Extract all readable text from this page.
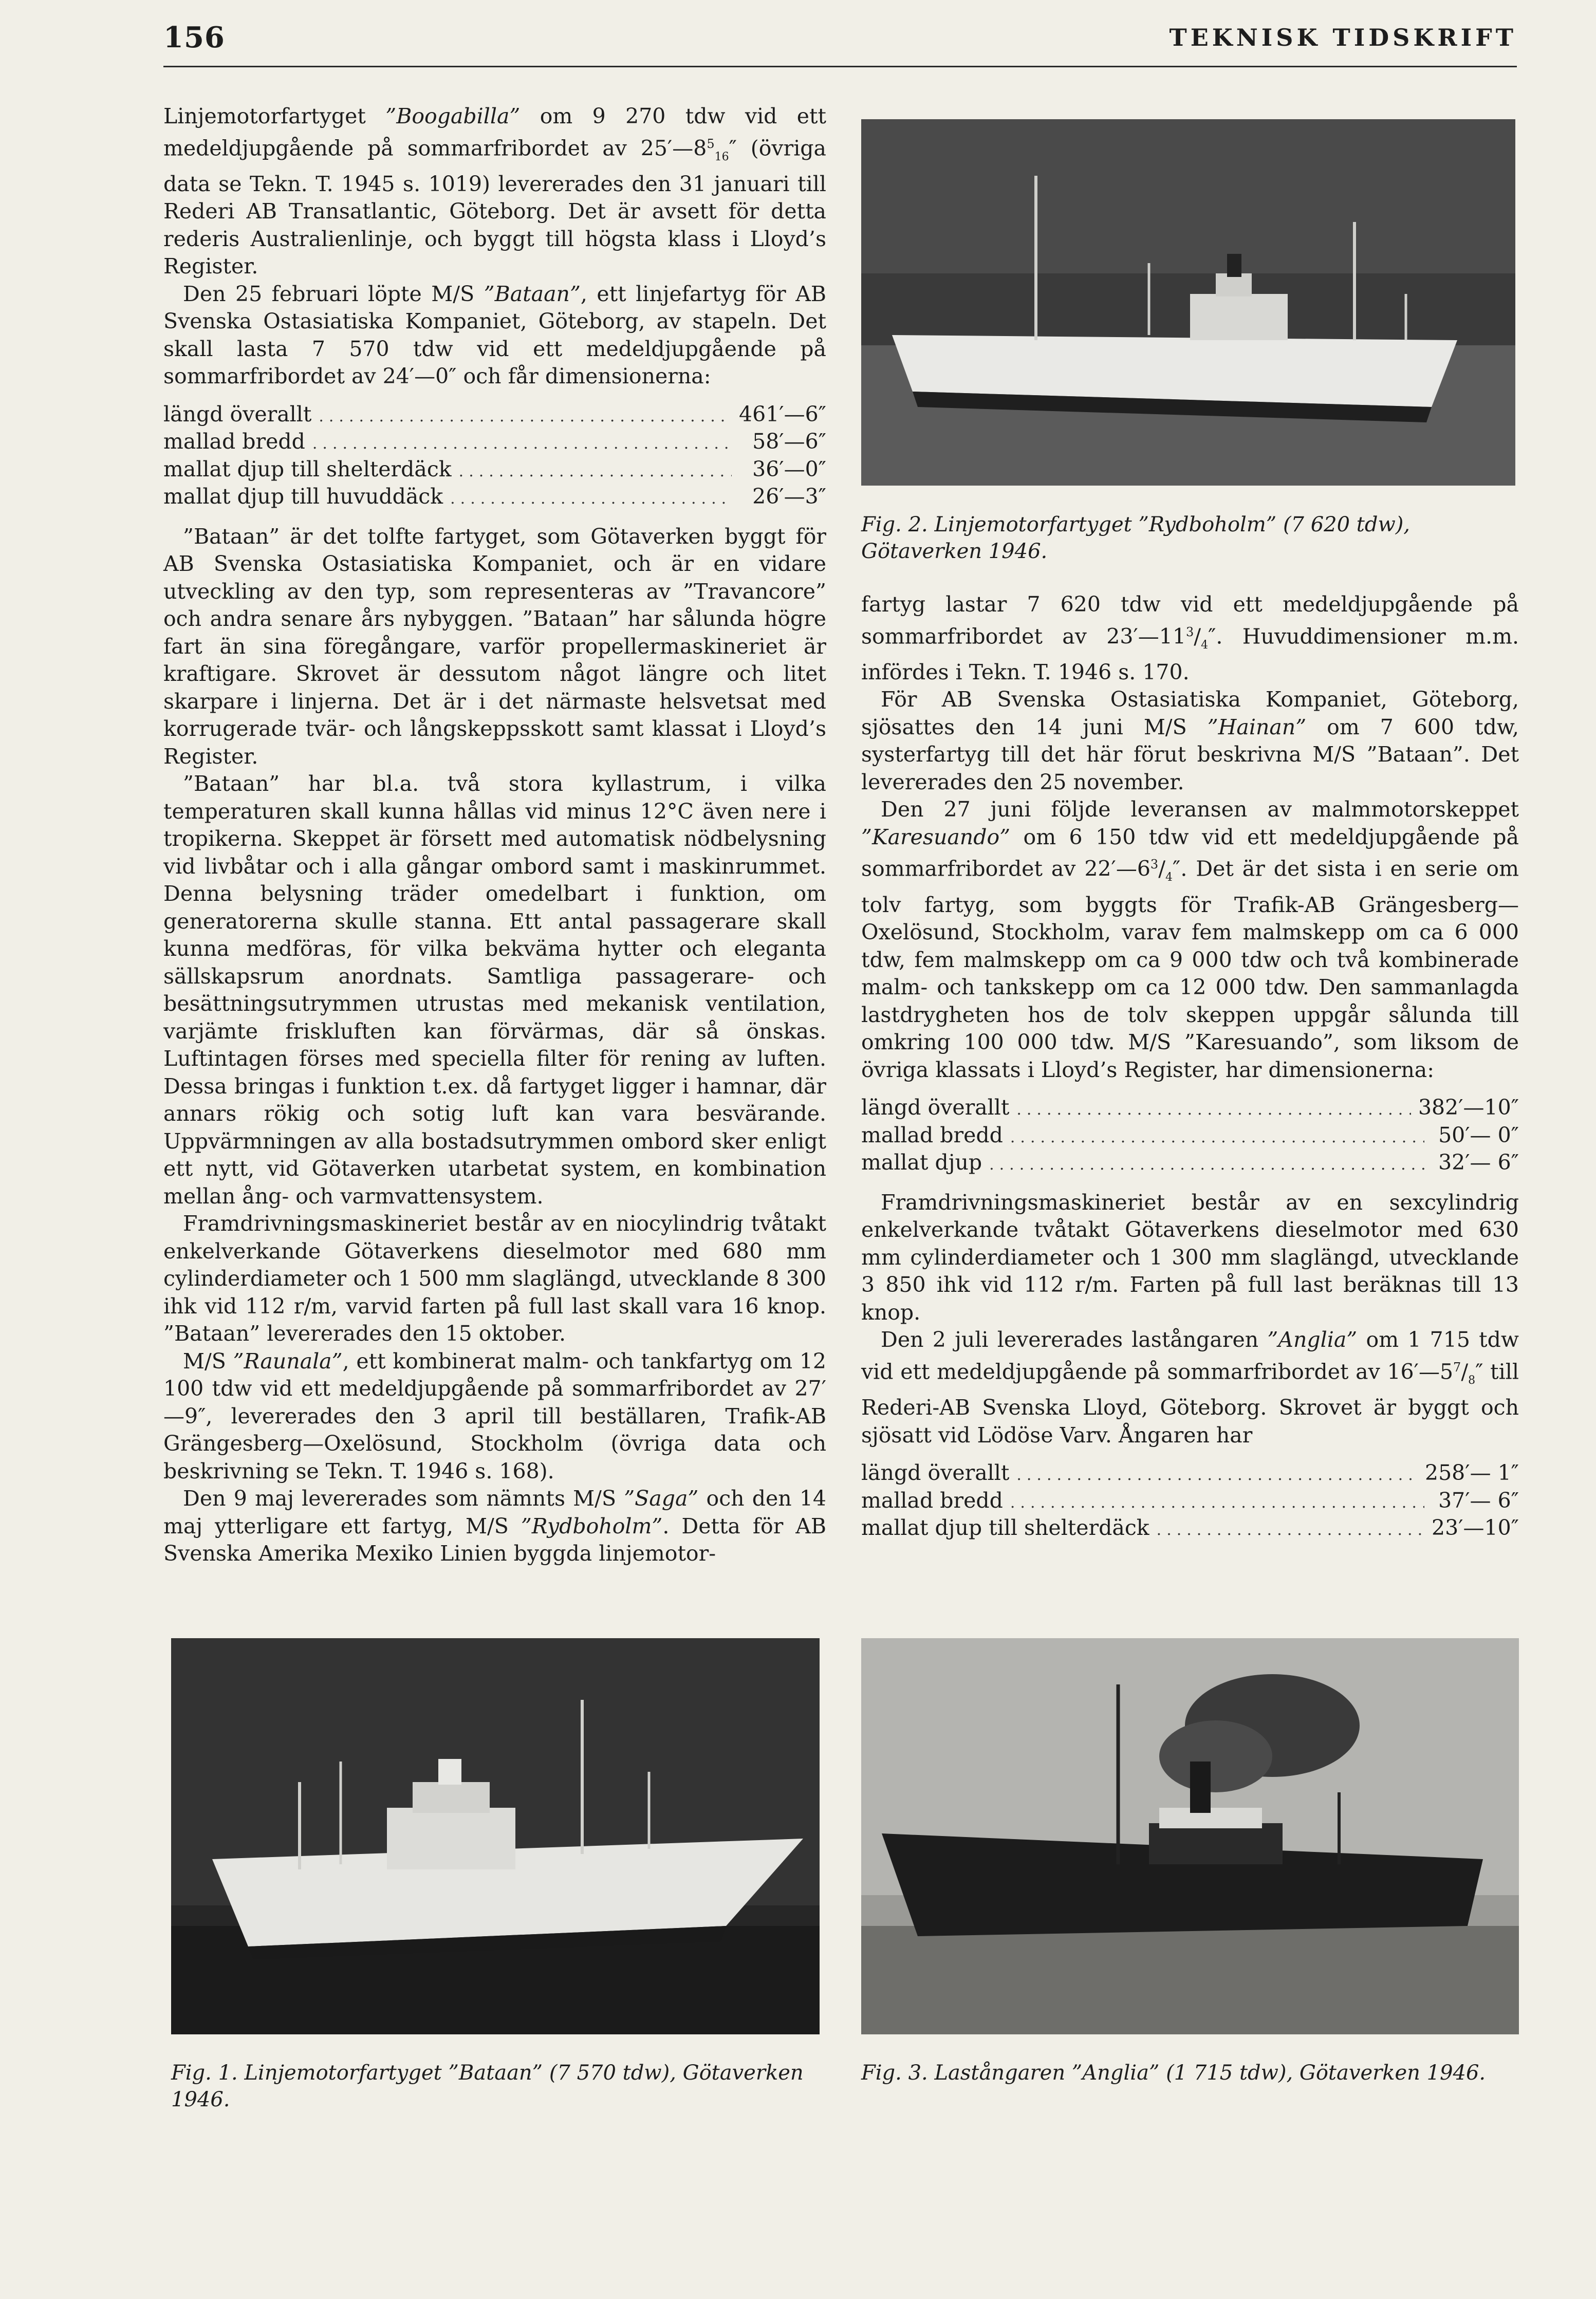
156	TEKNISK TIDSKRIFT

Linjemotorfartyget ”Boogabilla” om 9 270 tdw vid ett medeldjupgående på sommarfribordet av $25'—8^5_{16}''$ (övriga data se Tekn. T. 1945 s. 1019) levererades den 31 januari till Rederi AB Transatlantic, Göteborg. Det är avsett för detta rederis Australienlinje, och byggt till högsta klass i Lloyd’s Register.

Den 25 februari löpte M/S ”Bataan”, ett linjefartyg för AB Svenska Ostasiatiska Kompaniet, Göteborg, av stapeln. Det skall lasta 7 570 tdw vid ett medeldjupgående på sommarfribordet av 24′—0″ och får dimensionerna:

längd överallt .....	461′—6″
mallad bredd .....	58′—6″
mallat djup till shelterdäck .....	36′—0″
mallat djup till huvuddäck .....	26′—3″

”Bataan” är det tolfte fartyget, som Götaverken byggt för AB Svenska Ostasiatiska Kompaniet, och är en vidare utveckling av den typ, som representeras av ”Travancore” och andra senare års nybyggen. ”Bataan” har sålunda högre fart än sina föregångare, varför propellermaskineriet är kraftigare. Skrovet är dessutom något längre och litet skarpare i linjerna. Det är i det närmaste helsvetsat med korrugerade tvär- och långskeppsskott samt klassat i Lloyd’s Register.

”Bataan” har bl.a. två stora kyllastrum, i vilka temperaturen skall kunna hållas vid minus 12°C även nere i tropikerna. Skeppet är försett med automatisk nödbelysning vid livbåtar och i alla gångar ombord samt i maskinrummet. Denna belysning träder omedelbart i funktion, om generatorerna skulle stanna. Ett antal passagerare skall kunna medföras, för vilka bekväma hytter och eleganta sällskapsrum anordnats. Samtliga passagerare- och besättningsutrymmen utrustas med mekanisk ventilation, varjämte friskluften kan förvärmas, där så önskas. Luftintagen förses med speciella filter för rening av luften. Dessa bringas i funktion t.ex. då fartyget ligger i hamnar, där annars rökig och sotig luft kan vara besvärande. Uppvärmningen av alla bostadsutrymmen ombord sker enligt ett nytt, vid Götaverken utarbetat system, en kombination mellan ång- och varmvattensystem.

Framdrivningsmaskineriet består av en niocylindrig tvåtakt enkelverkande Götaverkens dieselmotor med 680 mm cylinderdiameter och 1 500 mm slaglängd, utvecklande 8 300 ihk vid 112 r/m, varvid farten på full last skall vara 16 knop. ”Bataan” levererades den 15 oktober.

M/S ”Raunala”, ett kombinerat malm- och tankfartyg om 12 100 tdw vid ett medeldjupgående på sommarfribordet av 27′—9″, levererades den 3 april till beställaren, Trafik-AB Grängesberg—Oxelösund, Stockholm (övriga data och beskrivning se Tekn. T. 1946 s. 168).

Den 9 maj levererades som nämnts M/S ”Saga” och den 14 maj ytterligare ett fartyg, M/S ”Rydboholm”. Detta för AB Svenska Amerika Mexiko Linien byggda linjemotor-

Fig. 2. Linjemotorfartyget ”Rydboholm” (7 620 tdw), Götaverken 1946.

fartyg lastar 7 620 tdw vid ett medeldjupgående på sommarfribordet av $23'—11^3/_4''$. Huvuddimensioner m.m. infördes i Tekn. T. 1946 s. 170.

För AB Svenska Ostasiatiska Kompaniet, Göteborg, sjösattes den 14 juni M/S ”Hainan” om 7 600 tdw, systerfartyg till det här förut beskrivna M/S ”Bataan”. Det levererades den 25 november.

Den 27 juni följde leveransen av malmmotorskeppet ”Karesuando” om 6 150 tdw vid ett medeldjupgående på sommarfribordet av $22'—6^3/_4''$. Det är det sista i en serie om tolv fartyg, som byggts för Trafik-AB Grängesberg—Oxelösund, Stockholm, varav fem malmskepp om ca 6 000 tdw, fem malmskepp om ca 9 000 tdw och två kombinerade malm- och tankskepp om ca 12 000 tdw. Den sammanlagda lastdrygheten hos de tolv skeppen uppgår sålunda till omkring 100 000 tdw. M/S ”Karesuando”, som liksom de övriga klassats i Lloyd’s Register, har dimensionerna:

längd överallt .....	382′—10″
mallad bredd .....	50′— 0″
mallat djup .....	32′— 6″

Framdrivningsmaskineriet består av en sexcylindrig enkelverkande tvåtakt Götaverkens dieselmotor med 630 mm cylinderdiameter och 1 300 mm slaglängd, utvecklande 3 850 ihk vid 112 r/m. Farten på full last beräknas till 13 knop.

Den 2 juli levererades lastångaren ”Anglia” om 1 715 tdw vid ett medeldjupgående på sommarfribordet av $16'—5^7/_8''$ till Rederi-AB Svenska Lloyd, Göteborg. Skrovet är byggt och sjösatt vid Lödöse Varv. Ångaren har

längd överallt .....	258′— 1″
mallad bredd .....	37′— 6″
mallat djup till shelterdäck .....	23′—10″
Fig. 1. Linjemotorfartyget ”Bataan” (7 570 tdw), Götaverken 1946.
Fig. 3. Lastångaren ”Anglia” (1 715 tdw), Götaverken 1946.
